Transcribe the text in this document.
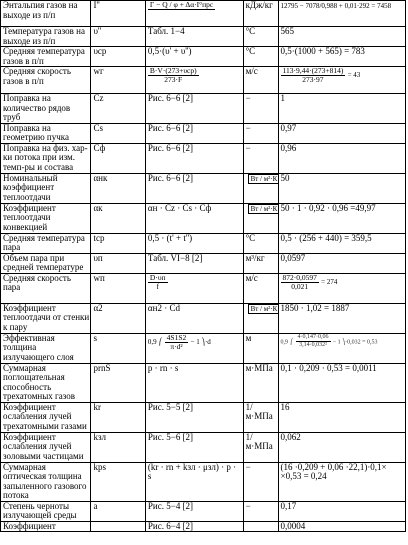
Энтальпия газов на выходе из п/п	I''	Г − Q / φ + Δα·I°прс	кДж/кг	12795 − 7078/0,988 + 0,01·292 = 7458
Температура газов на выходе из п/п	υ''	Табл. 1−4	°С	565
Средняя температура газов в п/п	υср	0,5·(υ' + υ'')	°С	0,5·(1000 + 565) = 783
Средняя скорость газов в п/п	wг	$\frac{\text{B·V·(273+υср)}}{273\cdot F}$	м/с	$\frac{113\cdot 9,44\cdot(273+814)}{273\cdot 97} = 43$
Поправка на количество рядов труб	Cz	Рис. 6−6 [2]	−	1
Поправка на геометрию пучка	Cs	Рис. 6−6 [2]	−	0,97
Поправка на физ. хар-ки потока при изм. темп-ры и состава	Cф	Рис. 6−6 [2]	−	0,96
Номинальный коэффициент теплоотдачи	αнк	Рис. 6−6 [2]	Вт / м²·К	50
Коэффициент теплоотдачи конвекцией	αк	αн · Cz · Cs · Cф	Вт / м²·К	50 · 1 · 0,92 · 0,96 =49,97
Средняя температура пара	tср	0,5 · (t' + t'')	°С	0,5 · (256 + 440) = 359,5
Объем пара при средней температуре	υп	Табл. VI−8 [2]	м³/кг	0,0597
Средняя скорость пара	wп	$\frac{D\cdot\upsilon п}{f}$	м/с	$\frac{872\cdot 0,0597}{0,021} = 274$
Коэффициент теплоотдачи от стенки к пару	α2	αн2 · Cd	Вт / м²·К	1850 · 1,02 = 1887
Эффективная толщина излучающего слоя	s	0,9 ⎛ $\frac{4S1S2}{\text{π·d²}} - 1$ ⎞·d	м	0,9 ⎛ $\frac{4\cdot 0,147\cdot 0,06}{\text{3,14·0,032²}} - 1$ ⎞·0,032 = 0,53
Суммарная поглощательная способность трехатомных газов	prnS	p · rn · s	м·МПа	0,1 · 0,209 · 0,53 = 0,0011
Коэффициент ослабления лучей трехатомными газами	kr	Рис. 5−5 [2]	1/ м·МПа	16
Коэффициент ослабления лучей золовыми частицами	kзл	Рис. 5−6 [2]	1/ м·МПа	0,062
Суммарная оптическая толщина запыленного газового потока	kps	(kr · rn + kзл · μзл) · p · s	−	(16 ·0,209 + 0,06 ·22,1)·0,1× ×0,53 = 0,24
Степень черноты излучающей среды	a	Рис. 5−4 [2]	−	0,17
Коэффициент		Рис. 6−4 [2]		0,0004
